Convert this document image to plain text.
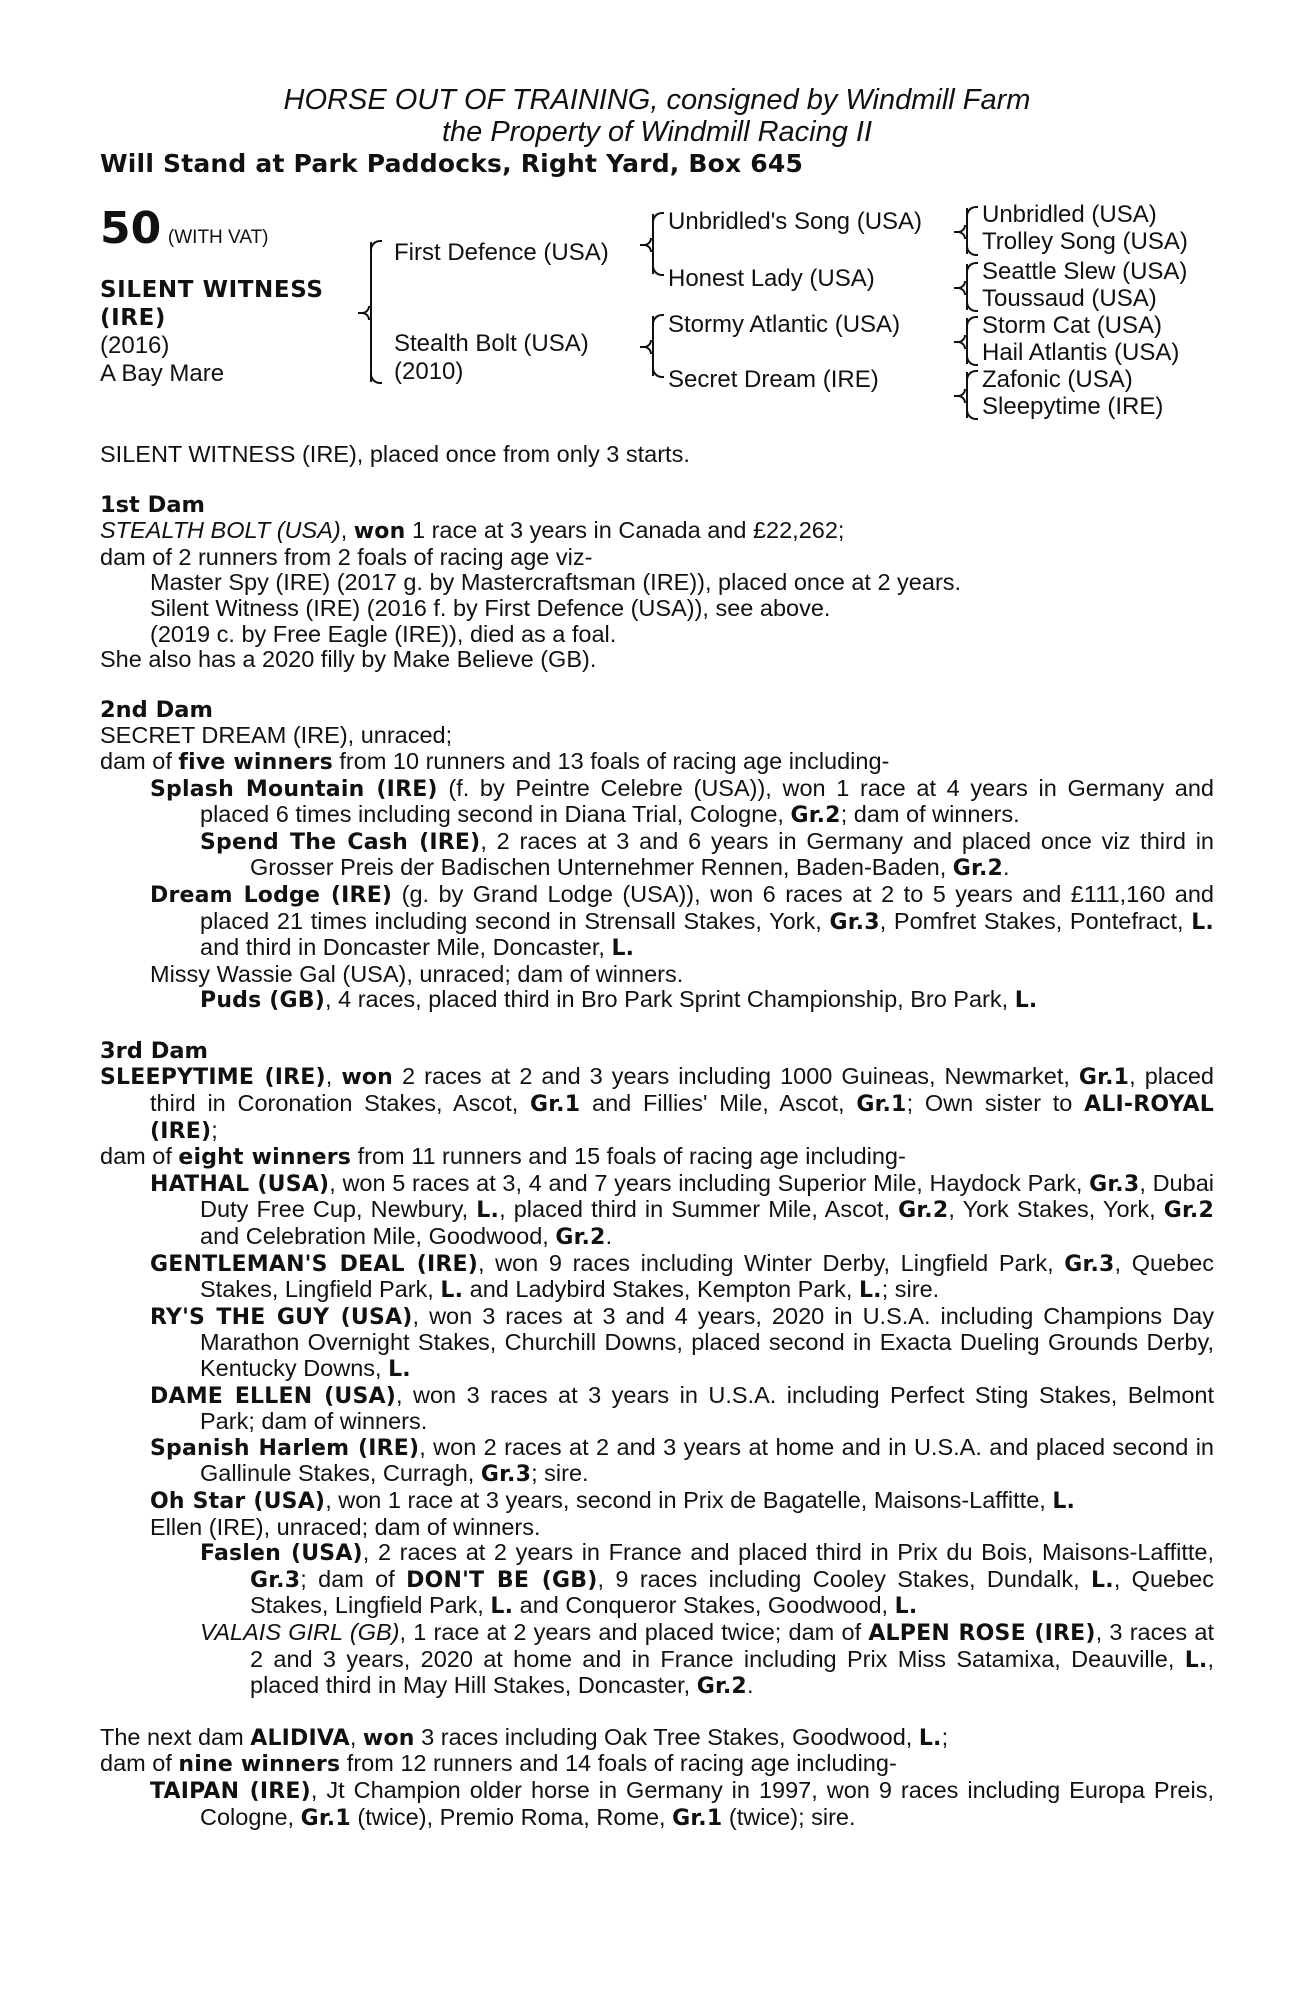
HORSE OUT OF TRAINING, consigned by Windmill Farm
the Property of Windmill Racing II
Will Stand at Park Paddocks, Right Yard, Box 645
50 (WITH VAT)
SILENT WITNESS
(IRE)
(2016)
A Bay Mare
First Defence (USA)
Stealth Bolt (USA)
(2010)
Unbridled's Song (USA)
Honest Lady (USA)
Stormy Atlantic (USA)
Secret Dream (IRE)
Unbridled (USA)
Trolley Song (USA)
Seattle Slew (USA)
Toussaud (USA)
Storm Cat (USA)
Hail Atlantis (USA)
Zafonic (USA)
Sleepytime (IRE)

SILENT WITNESS (IRE), placed once from only 3 starts.

1st Dam

STEALTH BOLT (USA), won 1 race at 3 years in Canada and £22,262;

dam of 2 runners from 2 foals of racing age viz-

Master Spy (IRE) (2017 g. by Mastercraftsman (IRE)), placed once at 2 years.

Silent Witness (IRE) (2016 f. by First Defence (USA)), see above.

(2019 c. by Free Eagle (IRE)), died as a foal.

She also has a 2020 filly by Make Believe (GB).

2nd Dam

SECRET DREAM (IRE), unraced;

dam of five winners from 10 runners and 13 foals of racing age including-

Splash Mountain (IRE) (f. by Peintre Celebre (USA)), won 1 race at 4 years in Germany and placed 6 times including second in Diana Trial, Cologne, Gr.2; dam of winners.

Spend The Cash (IRE), 2 races at 3 and 6 years in Germany and placed once viz third in Grosser Preis der Badischen Unternehmer Rennen, Baden-Baden, Gr.2.

Dream Lodge (IRE) (g. by Grand Lodge (USA)), won 6 races at 2 to 5 years and £111,160 and placed 21 times including second in Strensall Stakes, York, Gr.3, Pomfret Stakes, Pontefract, L. and third in Doncaster Mile, Doncaster, L.

Missy Wassie Gal (USA), unraced; dam of winners.

Puds (GB), 4 races, placed third in Bro Park Sprint Championship, Bro Park, L.

3rd Dam

SLEEPYTIME (IRE), won 2 races at 2 and 3 years including 1000 Guineas, Newmarket, Gr.1, placed third in Coronation Stakes, Ascot, Gr.1 and Fillies' Mile, Ascot, Gr.1; Own sister to ALI-ROYAL (IRE);

dam of eight winners from 11 runners and 15 foals of racing age including-

HATHAL (USA), won 5 races at 3, 4 and 7 years including Superior Mile, Haydock Park, Gr.3, Dubai Duty Free Cup, Newbury, L., placed third in Summer Mile, Ascot, Gr.2, York Stakes, York, Gr.2 and Celebration Mile, Goodwood, Gr.2.

GENTLEMAN'S DEAL (IRE), won 9 races including Winter Derby, Lingfield Park, Gr.3, Quebec Stakes, Lingfield Park, L. and Ladybird Stakes, Kempton Park, L.; sire.

RY'S THE GUY (USA), won 3 races at 3 and 4 years, 2020 in U.S.A. including Champions Day Marathon Overnight Stakes, Churchill Downs, placed second in Exacta Dueling Grounds Derby, Kentucky Downs, L.

DAME ELLEN (USA), won 3 races at 3 years in U.S.A. including Perfect Sting Stakes, Belmont Park; dam of winners.

Spanish Harlem (IRE), won 2 races at 2 and 3 years at home and in U.S.A. and placed second in Gallinule Stakes, Curragh, Gr.3; sire.

Oh Star (USA), won 1 race at 3 years, second in Prix de Bagatelle, Maisons-Laffitte, L.

Ellen (IRE), unraced; dam of winners.

Faslen (USA), 2 races at 2 years in France and placed third in Prix du Bois, Maisons-Laffitte, Gr.3; dam of DON'T BE (GB), 9 races including Cooley Stakes, Dundalk, L., Quebec Stakes, Lingfield Park, L. and Conqueror Stakes, Goodwood, L.

VALAIS GIRL (GB), 1 race at 2 years and placed twice; dam of ALPEN ROSE (IRE), 3 races at 2 and 3 years, 2020 at home and in France including Prix Miss Satamixa, Deauville, L., placed third in May Hill Stakes, Doncaster, Gr.2.

The next dam ALIDIVA, won 3 races including Oak Tree Stakes, Goodwood, L.;

dam of nine winners from 12 runners and 14 foals of racing age including-

TAIPAN (IRE), Jt Champion older horse in Germany in 1997, won 9 races including Europa Preis, Cologne, Gr.1 (twice), Premio Roma, Rome, Gr.1 (twice); sire.
